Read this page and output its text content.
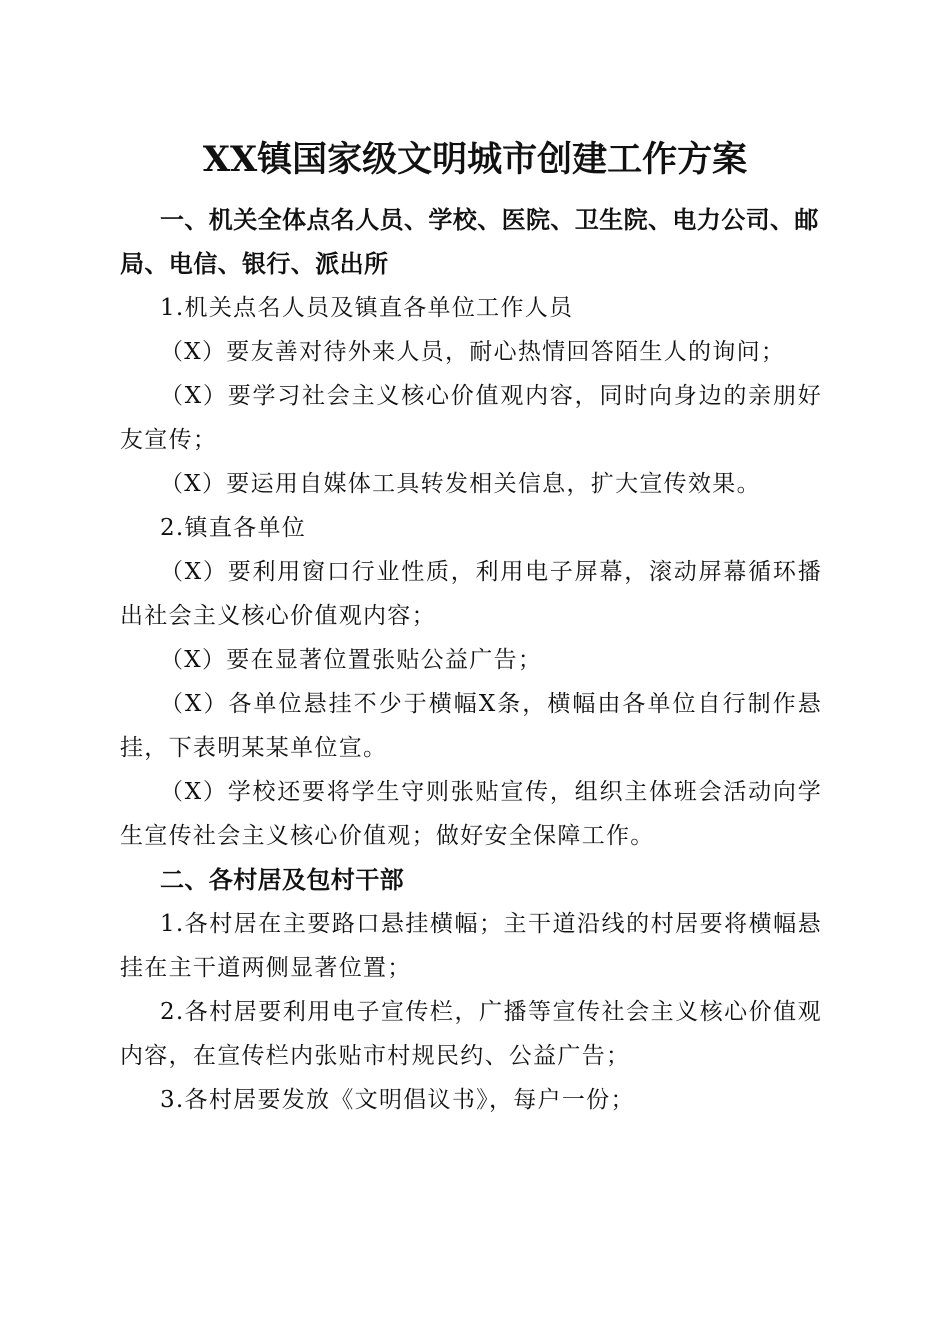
XX镇国家级文明城市创建工作方案

一、机关全体点名人员、学校、医院、卫生院、电力公司、邮局、电信、银行、派出所

1.机关点名人员及镇直各单位工作人员

（X）要友善对待外来人员，耐心热情回答陌生人的询问；

（X）要学习社会主义核心价值观内容，同时向身边的亲朋好友宣传；

（X）要运用自媒体工具转发相关信息，扩大宣传效果。

2.镇直各单位

（X）要利用窗口行业性质，利用电子屏幕，滚动屏幕循环播出社会主义核心价值观内容；

（X）要在显著位置张贴公益广告；

（X）各单位悬挂不少于横幅X条，横幅由各单位自行制作悬挂，下表明某某单位宣。

（X）学校还要将学生守则张贴宣传，组织主体班会活动向学生宣传社会主义核心价值观；做好安全保障工作。

二、各村居及包村干部

1.各村居在主要路口悬挂横幅；主干道沿线的村居要将横幅悬挂在主干道两侧显著位置；

2.各村居要利用电子宣传栏，广播等宣传社会主义核心价值观内容，在宣传栏内张贴市村规民约、公益广告；

3.各村居要发放《文明倡议书》，每户一份；
